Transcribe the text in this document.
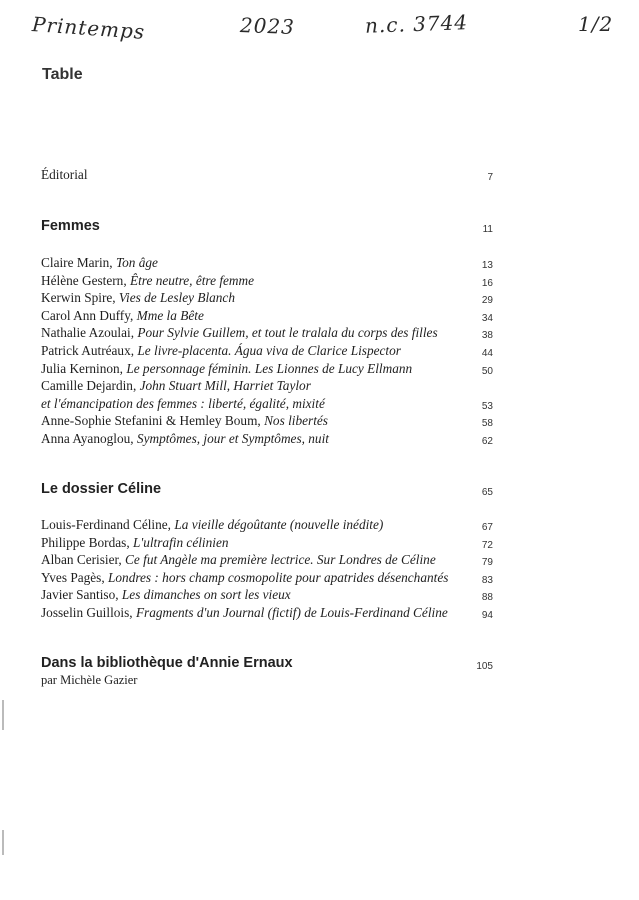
Printemps	2023	n.c. 3744	1/2
Table
Éditorial	7
Femmes	11
Claire Marin, Ton âge	13
Hélène Gestern, Être neutre, être femme	16
Kerwin Spire, Vies de Lesley Blanch	29
Carol Ann Duffy, Mme la Bête	34
Nathalie Azoulai, Pour Sylvie Guillem, et tout le tralala du corps des filles	38
Patrick Autréaux, Le livre-placenta. Água viva de Clarice Lispector	44
Julia Kerninon, Le personnage féminin. Les Lionnes de Lucy Ellmann	50
Camille Dejardin, John Stuart Mill, Harriet Taylor
et l'émancipation des femmes : liberté, égalité, mixité	53
Anne-Sophie Stefanini & Hemley Boum, Nos libertés	58
Anna Ayanoglou, Symptômes, jour et Symptômes, nuit	62
Le dossier Céline	65
Louis-Ferdinand Céline, La vieille dégoûtante (nouvelle inédite)	67
Philippe Bordas, L'ultrafin célinien	72
Alban Cerisier, Ce fut Angèle ma première lectrice. Sur Londres de Céline	79
Yves Pagès, Londres : hors champ cosmopolite pour apatrides désenchantés	83
Javier Santiso, Les dimanches on sort les vieux	88
Josselin Guillois, Fragments d'un Journal (fictif) de Louis-Ferdinand Céline	94
Dans la bibliothèque d'Annie Ernaux	105
par Michèle Gazier
